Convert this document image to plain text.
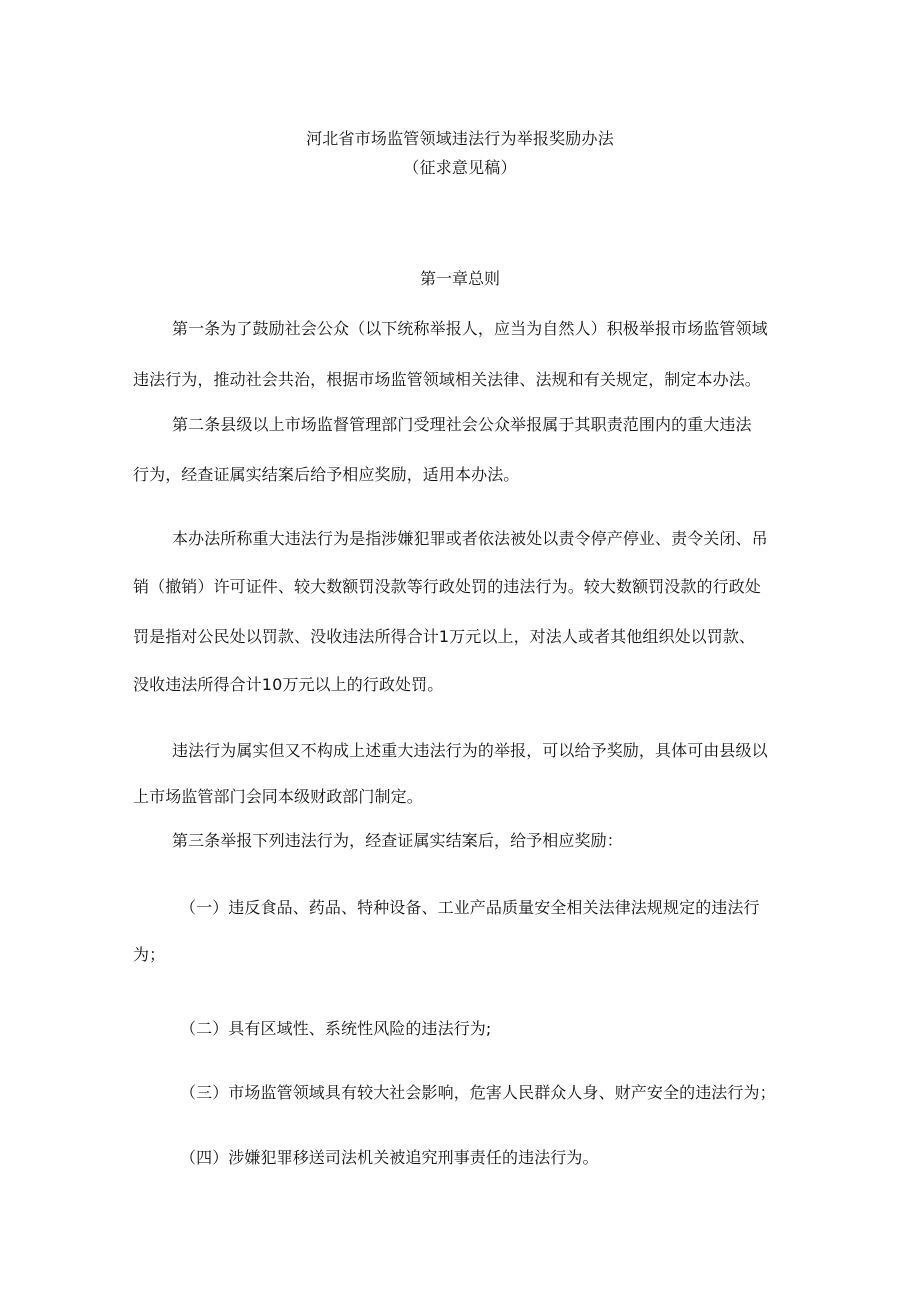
河北省市场监管领域违法行为举报奖励办法
（征求意见稿）
第一章总则
第一条为了鼓励社会公众（以下统称举报人，应当为自然人）积极举报市场监管领域
违法行为，推动社会共治，根据市场监管领域相关法律、法规和有关规定，制定本办法。
第二条县级以上市场监督管理部门受理社会公众举报属于其职责范围内的重大违法
行为，经查证属实结案后给予相应奖励，适用本办法。
本办法所称重大违法行为是指涉嫌犯罪或者依法被处以责令停产停业、责令关闭、吊
销（撤销）许可证件、较大数额罚没款等行政处罚的违法行为。较大数额罚没款的行政处
罚是指对公民处以罚款、没收违法所得合计1万元以上，对法人或者其他组织处以罚款、
没收违法所得合计10万元以上的行政处罚。
违法行为属实但又不构成上述重大违法行为的举报，可以给予奖励，具体可由县级以
上市场监管部门会同本级财政部门制定。
第三条举报下列违法行为，经查证属实结案后，给予相应奖励：
（一）违反食品、药品、特种设备、工业产品质量安全相关法律法规规定的违法行
为；
（二）具有区域性、系统性风险的违法行为;
（三）市场监管领域具有较大社会影响，危害人民群众人身、财产安全的违法行为；
（四）涉嫌犯罪移送司法机关被追究刑事责任的违法行为。
